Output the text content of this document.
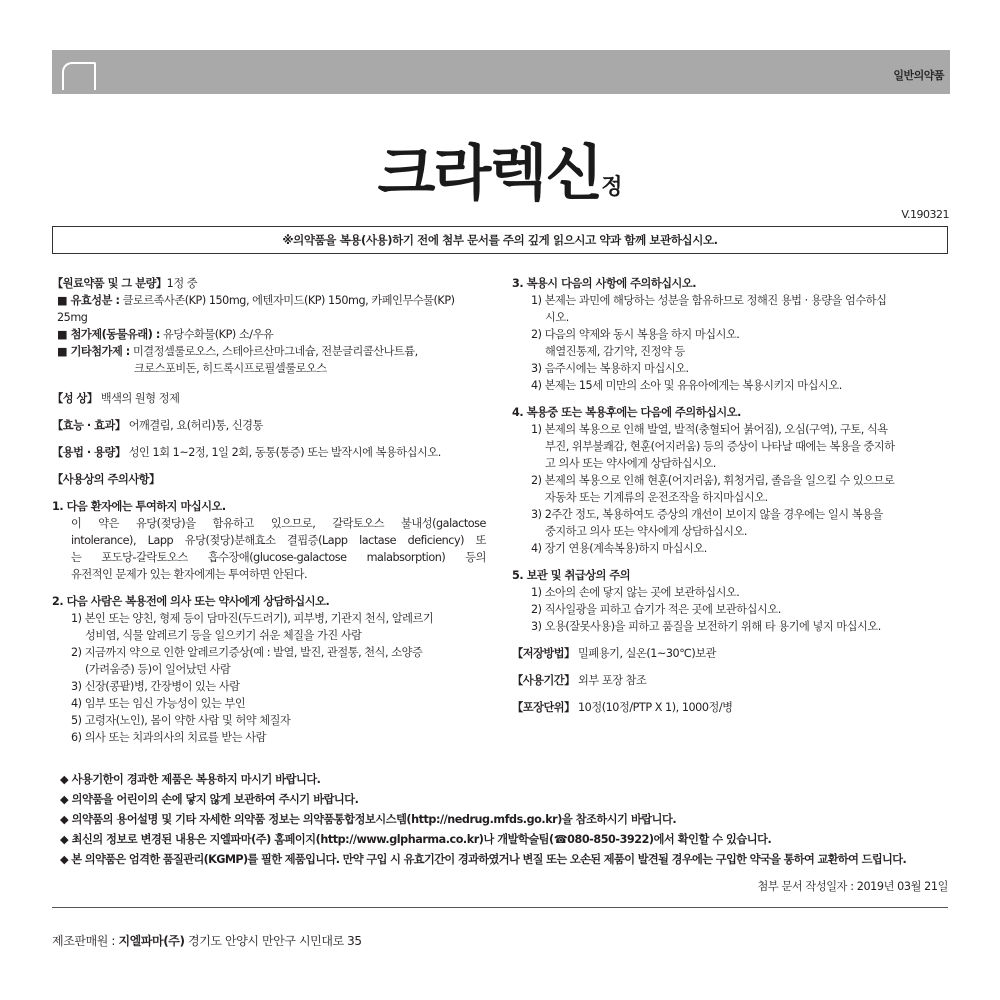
일반의약품
크라렉신정
V.190321
※의약품을 복용(사용)하기 전에 첨부 문서를 주의 깊게 읽으시고 약과 함께 보관하십시오.

【원료약품 및 그 분량】1정 중

■ 유효성분 : 클로르족사존(KP) 150mg, 에텐자미드(KP) 150mg, 카페인무수물(KP) 25mg

■ 첨가제(동물유래) : 유당수화물(KP) 소/우유

■ 기타첨가제 : 미결정셀룰로오스, 스테아르산마그네슘, 전분글리콜산나트륨,

크로스포비돈, 히드록시프로필셀룰로오스

【성 상】 백색의 원형 정제

【효능 · 효과】 어깨결림, 요(허리)통, 신경통

【용법 · 용량】 성인 1회 1~2정, 1일 2회, 동통(통증) 또는 발작시에 복용하십시오.

【사용상의 주의사항】

1. 다음 환자에는 투여하지 마십시오.

이 약은 유당(젖당)을 함유하고 있으므로, 갈락토오스 불내성(galactose

intolerance), Lapp 유당(젖당)분해효소 결핍증(Lapp lactase deficiency) 또

는 포도당-갈락토오스 흡수장애(glucose-galactose malabsorption) 등의

유전적인 문제가 있는 환자에게는 투여하면 안된다.

2. 다음 사람은 복용전에 의사 또는 약사에게 상담하십시오.

1) 본인 또는 양친, 형제 등이 담마진(두드러기), 피부병, 기관지 천식, 알레르기

성비염, 식물 알레르기 등을 일으키기 쉬운 체질을 가진 사람

2) 지금까지 약으로 인한 알레르기증상(예 : 발열, 발진, 관절통, 천식, 소양증

(가려움증) 등)이 일어났던 사람

3) 신장(콩팥)병, 간장병이 있는 사람

4) 임부 또는 임신 가능성이 있는 부인

5) 고령자(노인), 몸이 약한 사람 및 허약 체질자

6) 의사 또는 치과의사의 치료를 받는 사람

3. 복용시 다음의 사항에 주의하십시오.

1) 본제는 과민에 해당하는 성분을 함유하므로 정해진 용법 · 용량을 엄수하십

시오.

2) 다음의 약제와 동시 복용을 하지 마십시오.

해열진통제, 감기약, 진정약 등

3) 음주시에는 복용하지 마십시오.

4) 본제는 15세 미만의 소아 및 유유아에게는 복용시키지 마십시오.

4. 복용중 또는 복용후에는 다음에 주의하십시오.

1) 본제의 복용으로 인해 발열, 발적(충혈되어 붉어짐), 오심(구역), 구토, 식욕

부진, 위부불쾌감, 현훈(어지러움) 등의 증상이 나타날 때에는 복용을 중지하

고 의사 또는 약사에게 상담하십시오.

2) 본제의 복용으로 인해 현훈(어지러움), 휘청거림, 졸음을 일으킬 수 있으므로

자동차 또는 기계류의 운전조작을 하지마십시오.

3) 2주간 정도, 복용하여도 증상의 개선이 보이지 않을 경우에는 일시 복용을

중지하고 의사 또는 약사에게 상담하십시오.

4) 장기 연용(계속복용)하지 마십시오.

5. 보관 및 취급상의 주의

1) 소아의 손에 닿지 않는 곳에 보관하십시오.

2) 직사일광을 피하고 습기가 적은 곳에 보관하십시오.

3) 오용(잘못사용)을 피하고 품질을 보전하기 위해 타 용기에 넣지 마십시오.

【저장방법】 밀폐용기, 실온(1~30℃)보관

【사용기간】 외부 포장 참조

【포장단위】 10정(10정/PTP X 1), 1000정/병

◆ 사용기한이 경과한 제품은 복용하지 마시기 바랍니다.

◆ 의약품을 어린이의 손에 닿지 않게 보관하여 주시기 바랍니다.

◆ 의약품의 용어설명 및 기타 자세한 의약품 정보는 의약품통합정보시스템(http://nedrug.mfds.go.kr)을 참조하시기 바랍니다.

◆ 최신의 정보로 변경된 내용은 지엘파마(주) 홈페이지(http://www.glpharma.co.kr)나 개발학술팀(☎080-850-3922)에서 확인할 수 있습니다.

◆ 본 의약품은 엄격한 품질관리(KGMP)를 필한 제품입니다. 만약 구입 시 유효기간이 경과하였거나 변질 또는 오손된 제품이 발견될 경우에는 구입한 약국을 통하여 교환하여 드립니다.

첨부 문서 작성일자 : 2019년 03월 21일
제조판매원 : 지엘파마(주) 경기도 안양시 만안구 시민대로 35
